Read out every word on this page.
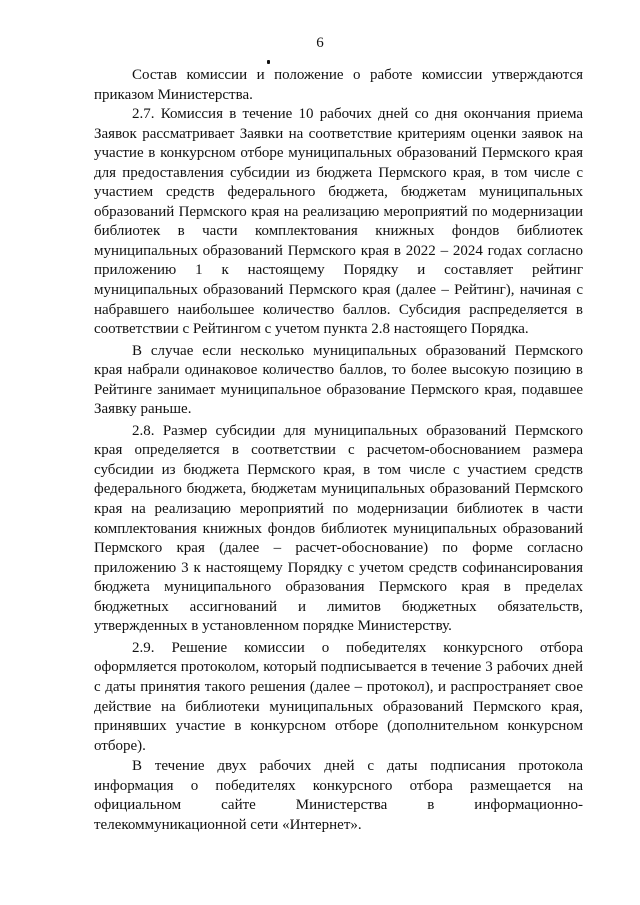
6

Состав комиссии и положение о работе комиссии утверждаются приказом Министерства.

2.7. Комиссия в течение 10 рабочих дней со дня окончания приема Заявок рассматривает Заявки на соответствие критериям оценки заявок на участие в конкурсном отборе муниципальных образований Пермского края для предоставления субсидии из бюджета Пермского края, в том числе с участием средств федерального бюджета, бюджетам муниципальных образований Пермского края на реализацию мероприятий по модернизации библиотек в части комплектования книжных фондов библиотек муниципальных образований Пермского края в 2022 – 2024 годах согласно приложению 1 к настоящему Порядку и составляет рейтинг муниципальных образований Пермского края (далее – Рейтинг), начиная с набравшего наибольшее количество баллов. Субсидия распределяется в соответствии с Рейтингом с учетом пункта 2.8 настоящего Порядка.

В случае если несколько муниципальных образований Пермского края набрали одинаковое количество баллов, то более высокую позицию в Рейтинге занимает муниципальное образование Пермского края, подавшее Заявку раньше.

2.8. Размер субсидии для муниципальных образований Пермского края определяется в соответствии с расчетом-обоснованием размера субсидии из бюджета Пермского края, в том числе с участием средств федерального бюджета, бюджетам муниципальных образований Пермского края на реализацию мероприятий по модернизации библиотек в части комплектования книжных фондов библиотек муниципальных образований Пермского края (далее – расчет-обоснование) по форме согласно приложению 3 к настоящему Порядку с учетом средств софинансирования бюджета муниципального образования Пермского края в пределах бюджетных ассигнований и лимитов бюджетных обязательств, утвержденных в установленном порядке Министерству.

2.9. Решение комиссии о победителях конкурсного отбора оформляется протоколом, который подписывается в течение 3 рабочих дней с даты принятия такого решения (далее – протокол), и распространяет свое действие на библиотеки муниципальных образований Пермского края, принявших участие в конкурсном отборе (дополнительном конкурсном отборе).

В течение двух рабочих дней с даты подписания протокола информация о победителях конкурсного отбора размещается на официальном сайте Министерства в информационно-телекоммуникационной сети «Интернет».
